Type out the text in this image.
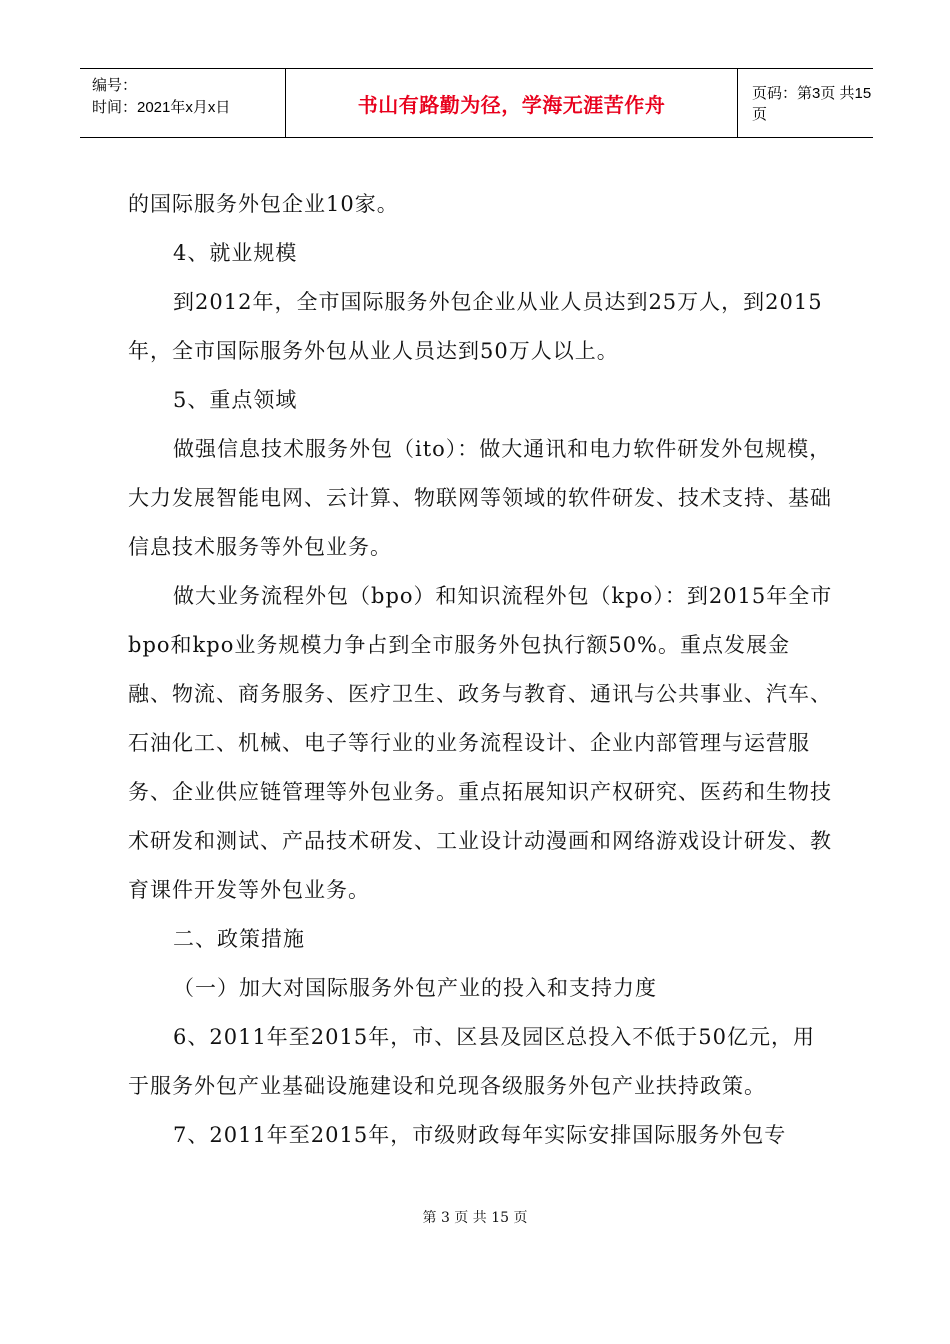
编号：
时间：2021年x月x日	书山有路勤为径，学海无涯苦作舟	页码：第3页 共15页

的国际服务外包企业10家。

4、就业规模

到2012年，全市国际服务外包企业从业人员达到25万人，到2015年，全市国际服务外包从业人员达到50万人以上。

5、重点领域

做强信息技术服务外包（ito）：做大通讯和电力软件研发外包规模，大力发展智能电网、云计算、物联网等领域的软件研发、技术支持、基础信息技术服务等外包业务。

做大业务流程外包（bpo）和知识流程外包（kpo）：到2015年全市bpo和kpo业务规模力争占到全市服务外包执行额50%。重点发展金融、物流、商务服务、医疗卫生、政务与教育、通讯与公共事业、汽车、石油化工、机械、电子等行业的业务流程设计、企业内部管理与运营服务、企业供应链管理等外包业务。重点拓展知识产权研究、医药和生物技术研发和测试、产品技术研发、工业设计动漫画和网络游戏设计研发、教育课件开发等外包业务。

二、政策措施

（一）加大对国际服务外包产业的投入和支持力度

6、2011年至2015年，市、区县及园区总投入不低于50亿元，用于服务外包产业基础设施建设和兑现各级服务外包产业扶持政策。

7、2011年至2015年，市级财政每年实际安排国际服务外包专

第 3 页 共 15 页
